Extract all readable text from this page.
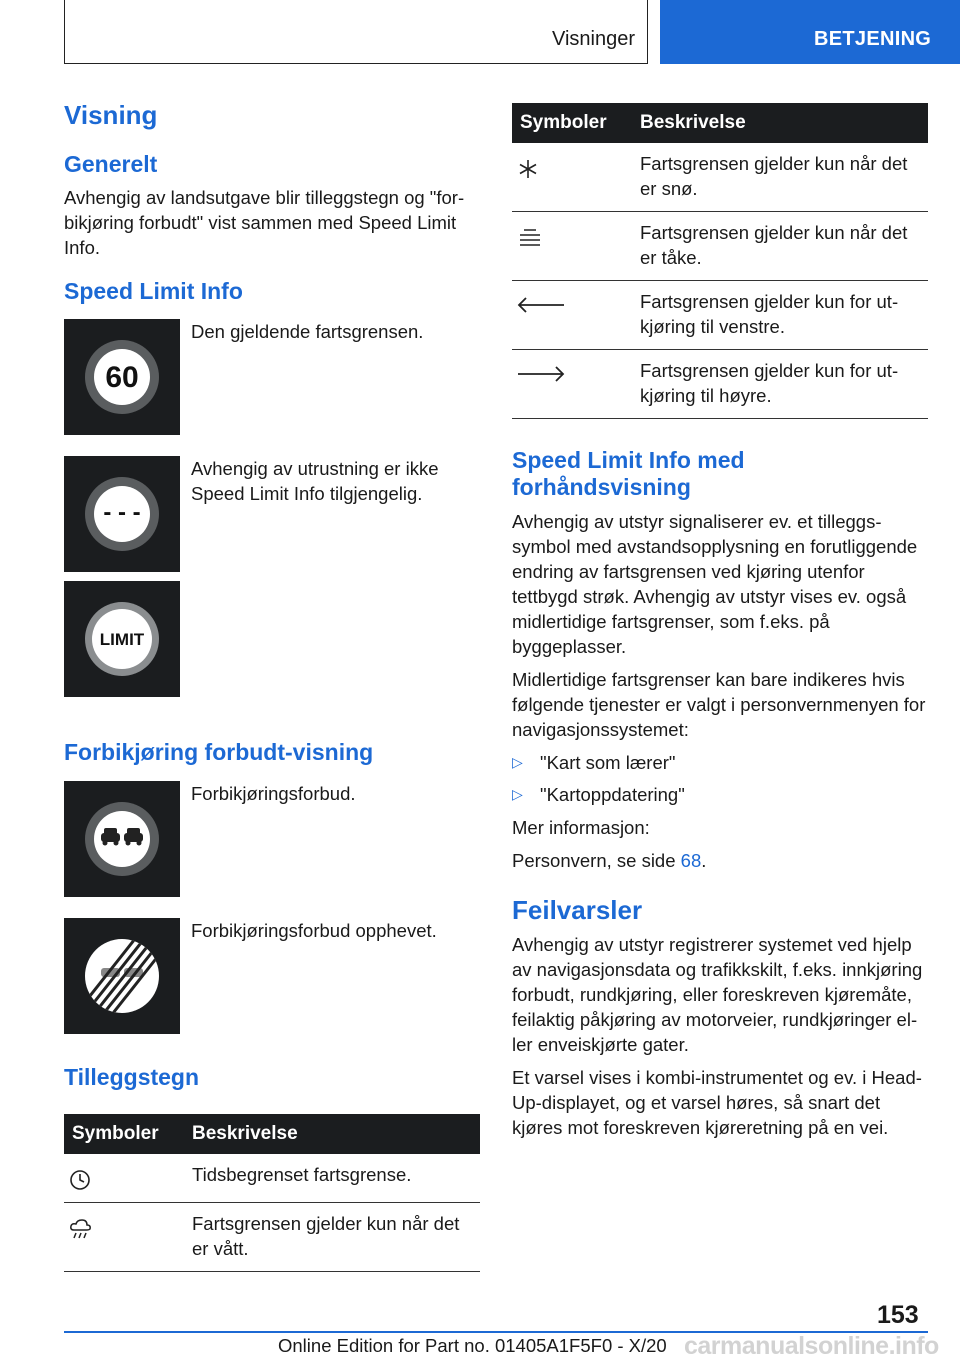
Visninger	BETJENING
Visning
Generelt

Avhengig av landsutgave blir tilleggstegn og "forbikjøring forbudt" vist sammen med Speed Limit Info.

Speed Limit Info
60
Den gjeldende fartsgrensen.
- - -
Avhengig av utrustning er ikke Speed Limit Info tilgjengelig.
LIMIT
Forbikjøring forbudt-visning
Forbikjøringsforbud.
Forbikjøringsforbud opphevet.
Tilleggstegn
Symboler	Beskrivelse

	Tidsbegrenset fartsgrense.

	Fartsgrensen gjelder kun når det er vått.
Symboler	Beskrivelse

	Fartsgrensen gjelder kun når det er snø.

	Fartsgrensen gjelder kun når det er tåke.

	Fartsgrensen gjelder kun for utkjøring til venstre.

	Fartsgrensen gjelder kun for utkjøring til høyre.
Speed Limit Info med forhåndsvisning

Avhengig av utstyr signaliserer ev. et tilleggssymbol med avstandsopplysning en forutliggende endring av fartsgrensen ved kjøring utenfor tettbygd strøk. Avhengig av utstyr vises ev. også midlertidige fartsgrenser, som f.eks. på byggeplasser.

Midlertidige fartsgrenser kan bare indikeres hvis følgende tjenester er valgt i personvernmenyen for navigasjonssystemet:

▷ "Kart som lærer"
▷ "Kartoppdatering"

Mer informasjon:

Personvern, se side 68.

Feilvarsler

Avhengig av utstyr registrerer systemet ved hjelp av navigasjonsdata og trafikkskilt, f.eks. innkjøring forbudt, rundkjøring, eller foreskreven kjøremåte, feilaktig påkjøring av motorveier, rundkjøringer eller enveiskjørte gater.

Et varsel vises i kombi-instrumentet og ev. i Head-Up-displayet, og et varsel høres, så snart det kjøres mot foreskreven kjøreretning på en vei.

153
Online Edition for Part no. 01405A1F5F0 - X/20 carmanualsonline.info
